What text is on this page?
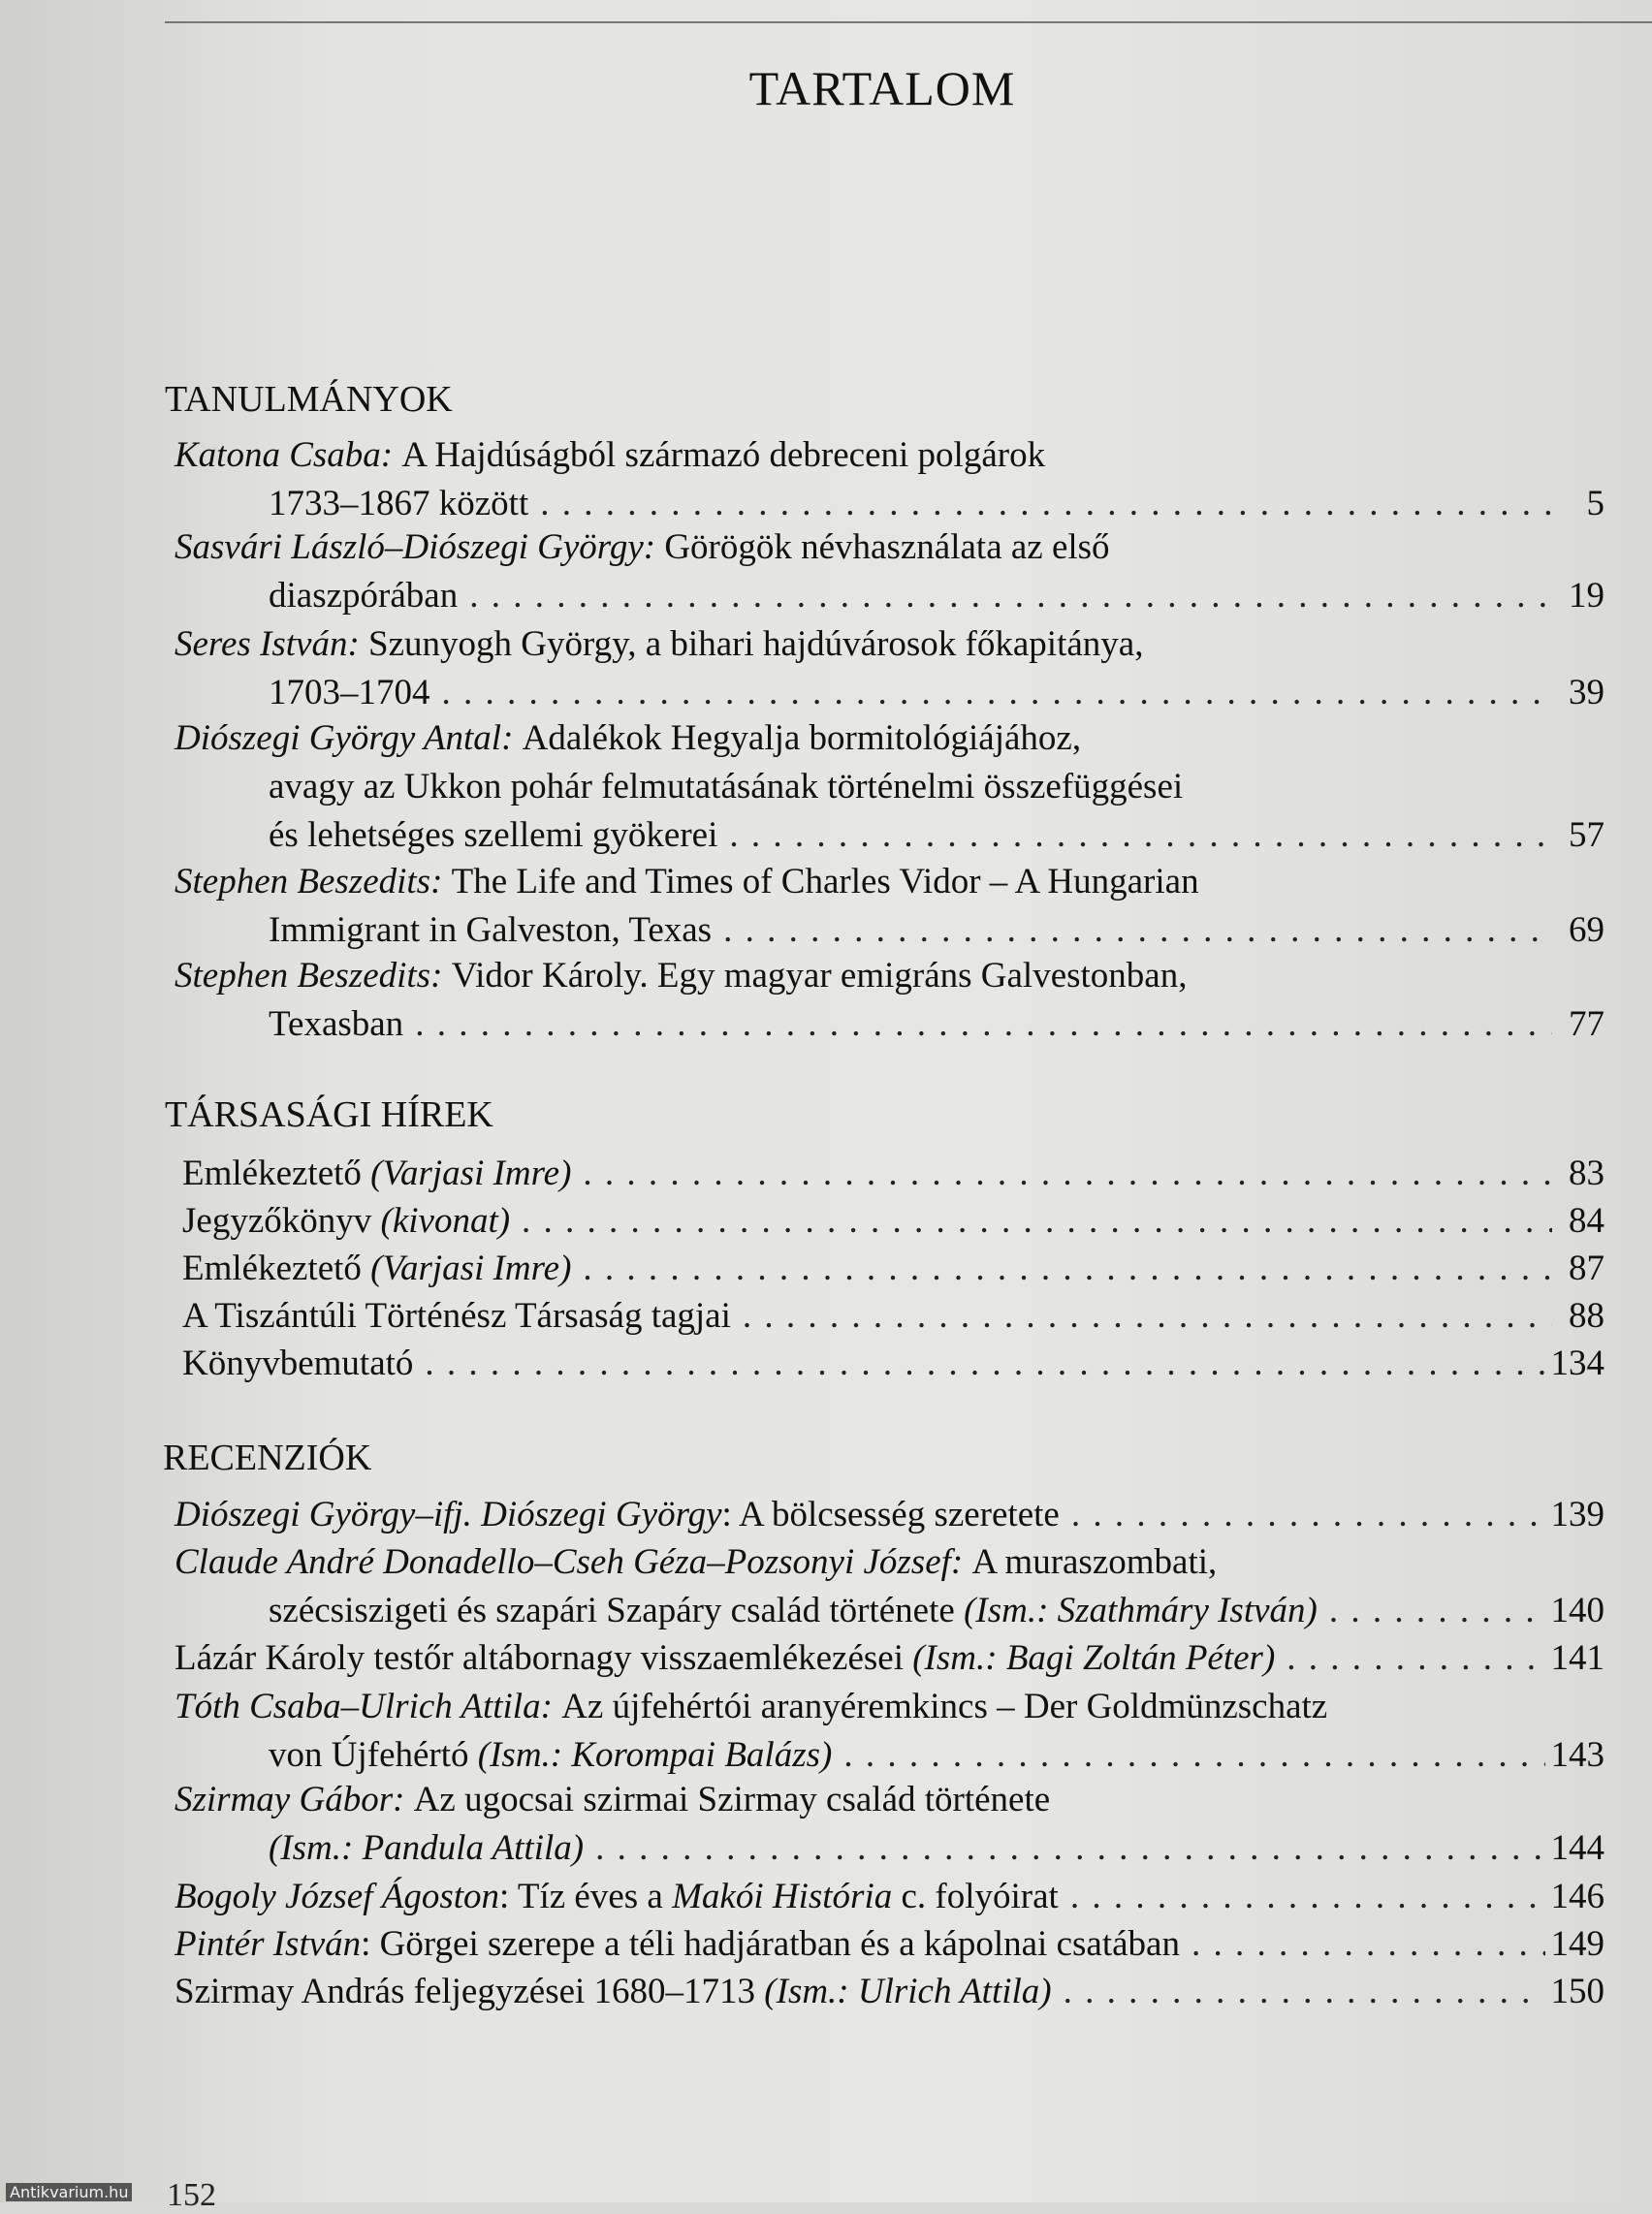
TARTALOM
TANULMÁNYOK
Katona Csaba:
A Hajdúságból származó debreceni polgárok
1733–1867 között . . .	5
Sasvári László–Diószegi György:
Görögök névhasználata az első
diaszpórában . . .	19
Seres István:
Szunyogh György, a bihari hajdúvárosok főkapitánya,
1703–1704 . . .	39
Diószegi György Antal:
Adalékok Hegyalja bormitológiájához,
avagy az Ukkon pohár felmutatásának történelmi összefüggései
és lehetséges szellemi gyökerei . . .	57
Stephen Beszedits:
The Life and Times of Charles Vidor – A Hungarian
Immigrant in Galveston, Texas . . .	69
Stephen Beszedits:
Vidor Károly. Egy magyar emigráns Galvestonban,
Texasban . . .	77
TÁRSASÁGI HÍREK
Emlékeztető
(Varjasi Imre) . . .	83
Jegyzőkönyv
(kivonat) . . .	84
Emlékeztető
(Varjasi Imre) . . .	87
A Tiszántúli Történész Társaság tagjai . . .	88
Könyvbemutató . . .	134
RECENZIÓK
Diószegi György–ifj. Diószegi György : A bölcsesség szeretete . . .	139
Claude André Donadello–Cseh Géza–Pozsonyi József:
A muraszombati,
szécsiszigeti és szapári Szapáry család története
(Ism.: Szathmáry István) . . .	140
Lázár Károly testőr altábornagy visszaemlékezései
(Ism.: Bagi Zoltán Péter) . . .	141
Tóth Csaba–Ulrich Attila:
Az újfehértói aranyéremkincs – Der Goldmünzschatz
von Újfehértó
(Ism.: Korompai Balázs) . . .	143
Szirmay Gábor:
Az ugocsai szirmai Szirmay család története
(Ism.: Pandula Attila) . . .	144
Bogoly József Ágoston : Tíz éves a
Makói História
c. folyóirat . . .	146
Pintér István : Görgei szerepe a téli hadjáratban és a kápolnai csatában . . .	149
Szirmay András feljegyzései 1680–1713
(Ism.: Ulrich Attila) . . .	150
152
Antikvarium.hu
